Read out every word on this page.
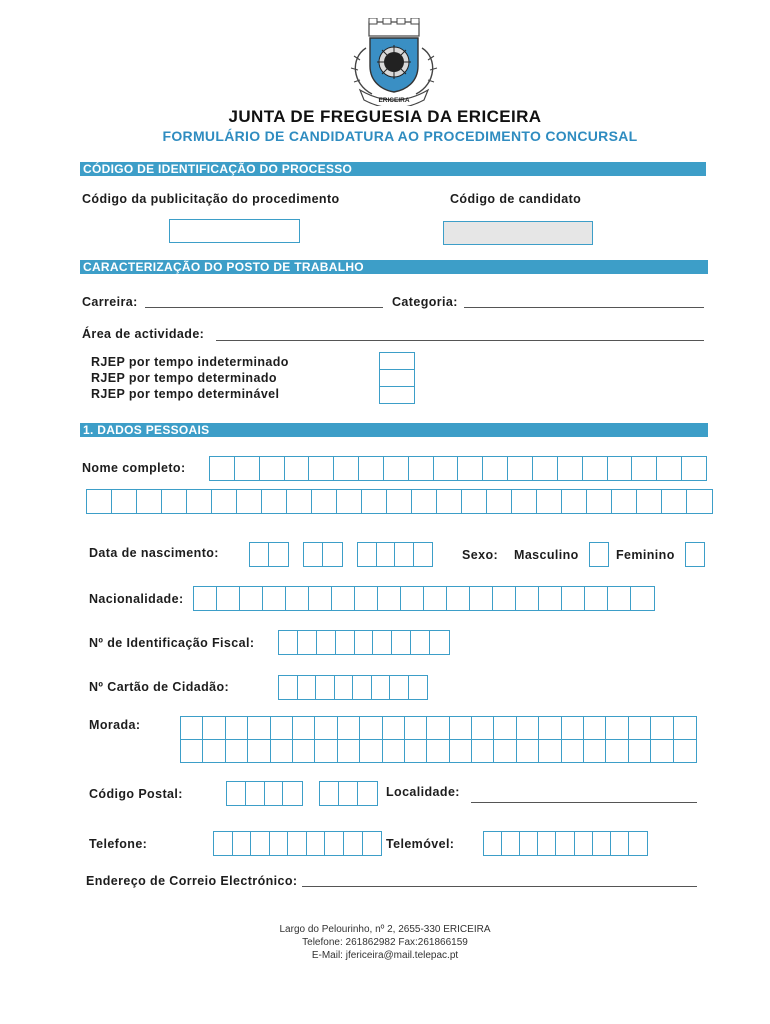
ERICEIRA
JUNTA DE FREGUESIA DA ERICEIRA
FORMULÁRIO DE CANDIDATURA AO PROCEDIMENTO CONCURSAL
CÓDIGO DE IDENTIFICAÇÃO DO PROCESSO
Código da publicitação do procedimento	Código de candidato
CARACTERIZAÇÃO DO POSTO DE TRABALHO
Carreira:	Categoria:
Área de actividade:
RJEP por tempo indeterminado
RJEP por tempo determinado
RJEP por tempo determinável
1. DADOS PESSOAIS
Nome completo:
Data de nascimento:	Sexo: Masculino	Feminino
Nacionalidade:
Nº de Identificação Fiscal:
Nº Cartão de Cidadão:
Morada:
Código Postal:	Localidade:
Telefone:	Telemóvel:
Endereço de Correio Electrónico:
Largo do Pelourinho, nº 2, 2655-330 ERICEIRA
Telefone: 261862982 Fax:261866159
E-Mail: jfericeira@mail.telepac.pt
